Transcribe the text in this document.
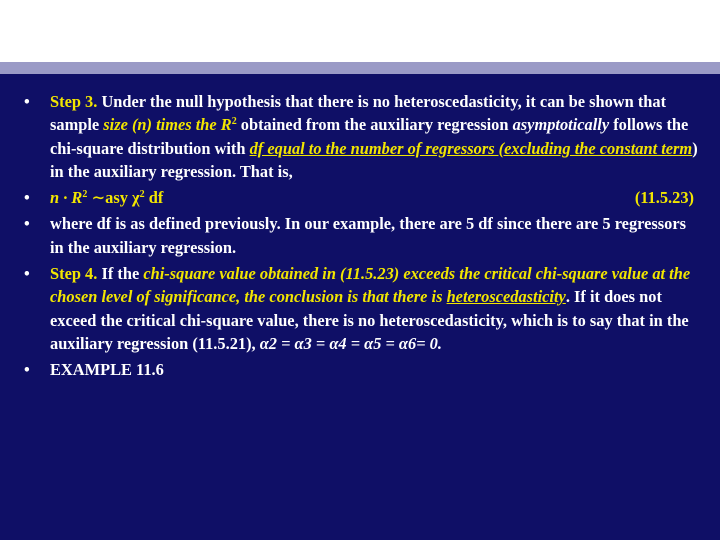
• Step 3. Under the null hypothesis that there is no heteroscedasticity, it can be shown that sample size (n) times the $R^2$ obtained from the auxiliary regression asymptotically follows the chi-square distribution with df equal to the number of regressors (excluding the constant term) in the auxiliary regression. That is,
• $n \cdot R^2$ ∼asy $\chi^2$ df	(11.5.23)
• where df is as defined previously. In our example, there are 5 df since there are 5 regressors in the auxiliary regression.
• Step 4. If the chi-square value obtained in (11.5.23) exceeds the critical chi-square value at the chosen level of significance, the conclusion is that there is heteroscedasticity. If it does not exceed the critical chi-square value, there is no heteroscedasticity, which is to say that in the auxiliary regression (11.5.21), α2 = α3 = α4 = α5 = α6= 0.
• EXAMPLE 11.6
